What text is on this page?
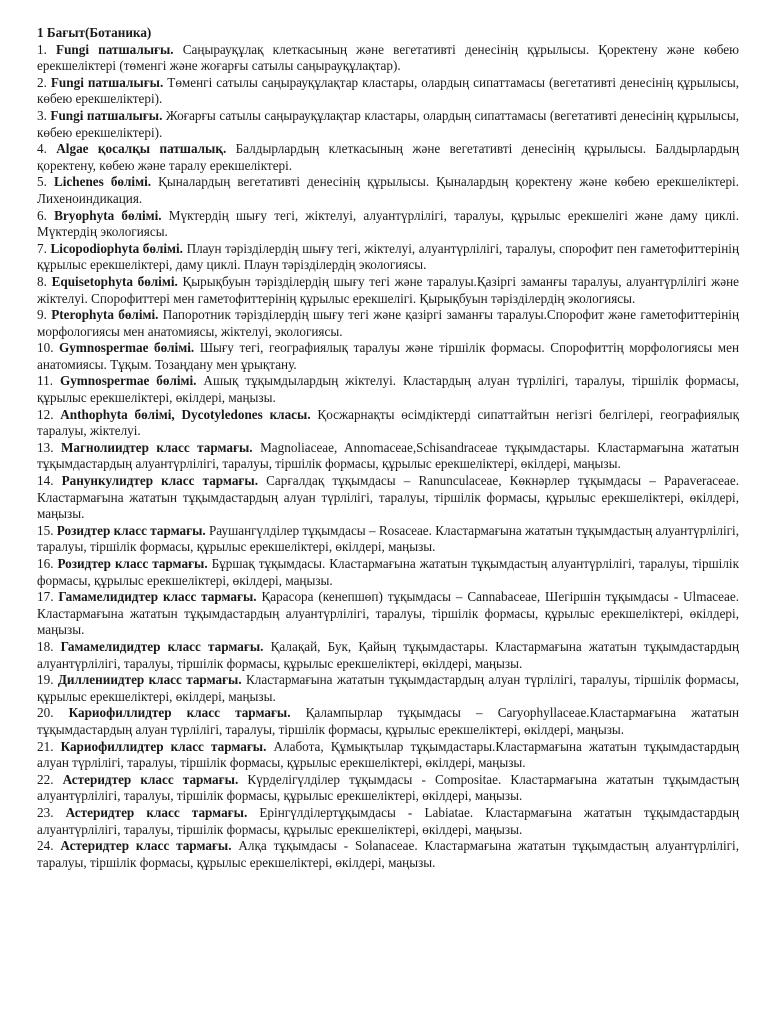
1 Бағыт(Ботаника)

1. Fungi патшалығы. Саңырауқұлақ клеткасының және вегетативті денесінің құрылысы. Қоректену және көбею ерекшеліктері (төменгі және жоғарғы сатылы саңырауқұлақтар).

2. Fungi патшалығы. Төменгі сатылы саңырауқұлақтар кластары, олардың сипаттамасы (вегетативті денесінің құрылысы, көбею ерекшеліктері).

3. Fungi патшалығы. Жоғарғы сатылы саңырауқұлақтар кластары, олардың сипаттамасы (вегетативті денесінің құрылысы, көбею ерекшеліктері).

4. Algae қосалқы патшалық. Балдырлардың клеткасының және вегетативті денесінің құрылысы. Балдырлардың қоректену, көбею және таралу ерекшеліктері.

5. Lichenes бөлімі. Қыналардың вегетативті денесінің құрылысы. Қыналардың қоректену және көбею ерекшеліктері. Лихеноиндикация.

6. Bryophyta бөлімі. Мүктердің шығу тегі, жіктелуі, алуантүрлілігі, таралуы, құрылыс ерекшелігі және даму циклі. Мүктердің экологиясы.

7. Licopodiophyta бөлімі. Плаун тәрізділердің шығу тегі, жіктелуі, алуантүрлілігі, таралуы, спорофит пен гаметофиттерінің құрылыс ерекшеліктері, даму циклі. Плаун тәрізділердің экологиясы.

8. Equisetophyta бөлімі. Қырықбуын тәрізділердің шығу тегі және таралуы.Қазіргі заманғы таралуы, алуантүрлілігі және жіктелуі. Спорофиттері мен гаметофиттерінің құрылыс ерекшелігі. Қырықбуын тәрізділердің экологиясы.

9. Pterophyta бөлімі. Папоротник тәрізділердің шығу тегі және қазіргі заманғы таралуы.Спорофит және гаметофиттерінің морфологиясы мен анатомиясы, жіктелуі, экологиясы.

10. Gymnospermae бөлімі. Шығу тегі, географиялық таралуы және тіршілік формасы. Спорофиттің морфологиясы мен анатомиясы. Тұқым. Тозаңдану мен ұрықтану.

11. Gymnospermae бөлімі. Ашық тұқымдылардың жіктелуі. Кластардың алуан түрлілігі, таралуы, тіршілік формасы, құрылыс ерекшеліктері, өкілдері, маңызы.

12. Anthophyta бөлімі, Dycotyledones класы. Қосжарнақты өсімдіктерді сипаттайтын негізгі белгілері, географиялық таралуы, жіктелуі.

13. Магнолиидтер класс тармағы. Magnoliaceae, Annomaceae,Schisandraceae тұқымдастары. Кластармағына жататын тұқымдастардың алуантүрлілігі, таралуы, тіршілік формасы, құрылыс ерекшеліктері, өкілдері, маңызы.

14. Ранункулидтер класс тармағы. Сарғалдақ тұқымдасы – Ranunculaceae, Көкнәрлер тұқымдасы – Papaveraceae. Кластармағына жататын тұқымдастардың алуан түрлілігі, таралуы, тіршілік формасы, құрылыс ерекшеліктері, өкілдері, маңызы.

15. Розидтер класс тармағы. Раушангүлділер тұқымдасы – Rosaceae. Кластармағына жататын тұқымдастың алуантүрлілігі, таралуы, тіршілік формасы, құрылыс ерекшеліктері, өкілдері, маңызы.

16. Розидтер класс тармағы. Бұршақ тұқымдасы. Кластармағына жататын тұқымдастың алуантүрлілігі, таралуы, тіршілік формасы, құрылыс ерекшеліктері, өкілдері, маңызы.

17. Гамамелидидтер класс тармағы. Қарасора (кенепшөп) тұқымдасы – Cannabaceae, Шегіршін тұқымдасы - Ulmaceae. Кластармағына жататын тұқымдастардың алуантүрлілігі, таралуы, тіршілік формасы, құрылыс ерекшеліктері, өкілдері, маңызы.

18. Гамамелидидтер класс тармағы. Қалақай, Бук, Қайың тұқымдастары. Кластармағына жататын тұқымдастардың алуантүрлілігі, таралуы, тіршілік формасы, құрылыс ерекшеліктері, өкілдері, маңызы.

19. Диллениидтер класс тармағы. Кластармағына жататын тұқымдастардың алуан түрлілігі, таралуы, тіршілік формасы, құрылыс ерекшеліктері, өкілдері, маңызы.

20. Кариофиллидтер класс тармағы. Қалампырлар тұқымдасы – Caryophyllaceae.Кластармағына жататын тұқымдастардың алуан түрлілігі, таралуы, тіршілік формасы, құрылыс ерекшеліктері, өкілдері, маңызы.

21. Кариофиллидтер класс тармағы. Алабота, Құмықтылар тұқымдастары.Кластармағына жататын тұқымдастардың алуан түрлілігі, таралуы, тіршілік формасы, құрылыс ерекшеліктері, өкілдері, маңызы.

22. Астеридтер класс тармағы. Күрделігүлділер тұқымдасы - Compositae. Кластармағына жататын тұқымдастың алуантүрлілігі, таралуы, тіршілік формасы, құрылыс ерекшеліктері, өкілдері, маңызы.

23. Астеридтер класс тармағы. Ерінгүлділертұқымдасы - Labiatae. Кластармағына жататын тұқымдастардың алуантүрлілігі, таралуы, тіршілік формасы, құрылыс ерекшеліктері, өкілдері, маңызы.

24. Астеридтер класс тармағы. Алқа тұқымдасы - Solanaceae. Кластармағына жататын тұқымдастың алуантүрлілігі, таралуы, тіршілік формасы, құрылыс ерекшеліктері, өкілдері, маңызы.
